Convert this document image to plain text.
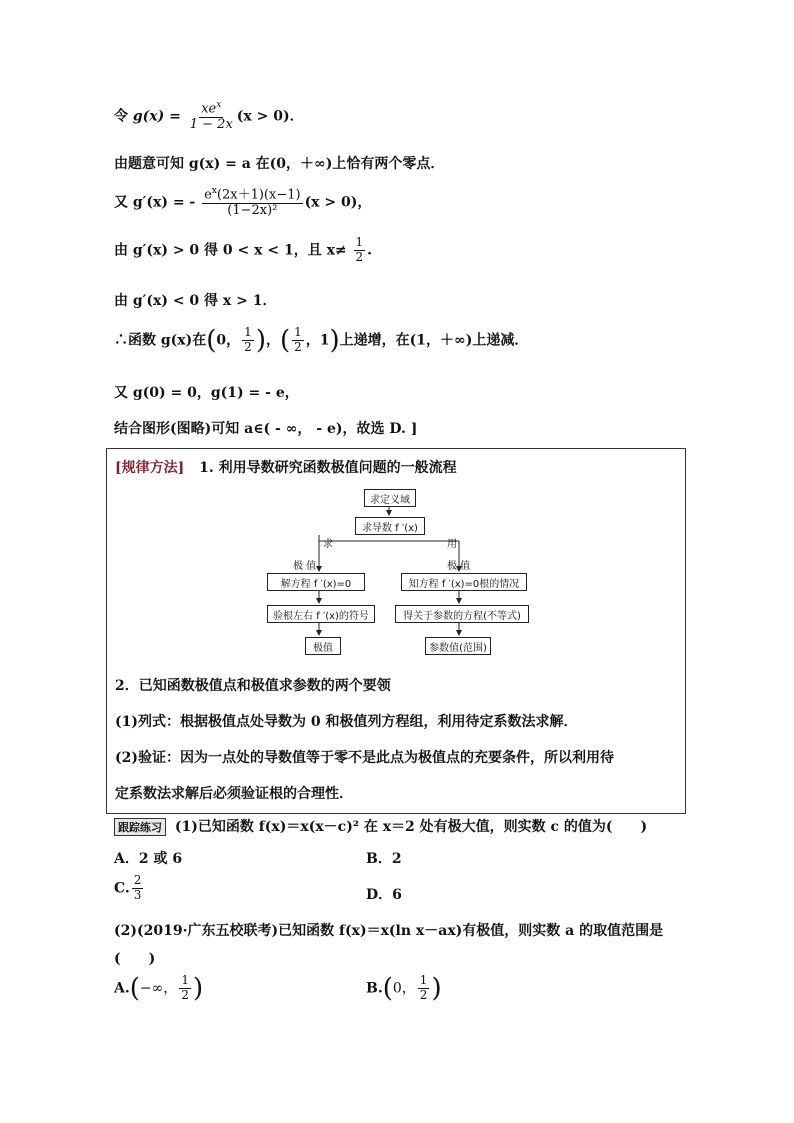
令 $g(x) = \frac{xe^x}{1 - 2x} (x > 0)$．
由题意可知 g(x) = a 在(0，＋∞)上恰有两个零点．
又 g′(x) = - $\frac{e^x(2x+1)(x-1)}{\text{(1−2x)²}} (x > 0)$，
由 g′(x) > 0 得 0 < x < 1，且 $x\ne \frac{1}{2}$ .
由 g′(x) < 0 得 x > 1．
∴函数 g(x)在(0， $\frac{1}{2}$ )，( $\frac{1}{2}$ ，1)上递增，在(1，＋∞)上递减．
又 g(0) = 0，g(1) = - e，
结合图形(图略)可知 a∈( - ∞， - e)，故选 D. ]
[规律方法] 1. 利用导数研究函数极值问题的一般流程
求定义域
求导数 f ′(x)
求	用
极 值	极 值
解方程 f ′(x)=0
验根左右 f ′(x)的符号
极值
知方程 f ′(x)=0根的情况
得关于参数的方程(不等式)
参数值(范围)
2．已知函数极值点和极值求参数的两个要领
(1)列式：根据极值点处导数为 0 和极值列方程组，利用待定系数法求解．
(2)验证：因为一点处的导数值等于零不是此点为极值点的充要条件，所以利用待
定系数法求解后必须验证根的合理性．
跟踪练习 (1)已知函数 f(x)＝x(x－c)² 在 x＝2 处有极大值，则实数 c 的值为(　　)
A．2 或 6	B．2
C. $\frac{2}{3}$	D．6
(2)(2019·广东五校联考)已知函数 f(x)＝x(ln x－ax)有极值，则实数 a 的取值范围是
(　　)
A.(−∞， $\frac{1}{2}$ )	B.(0， $\frac{1}{2}$ )
